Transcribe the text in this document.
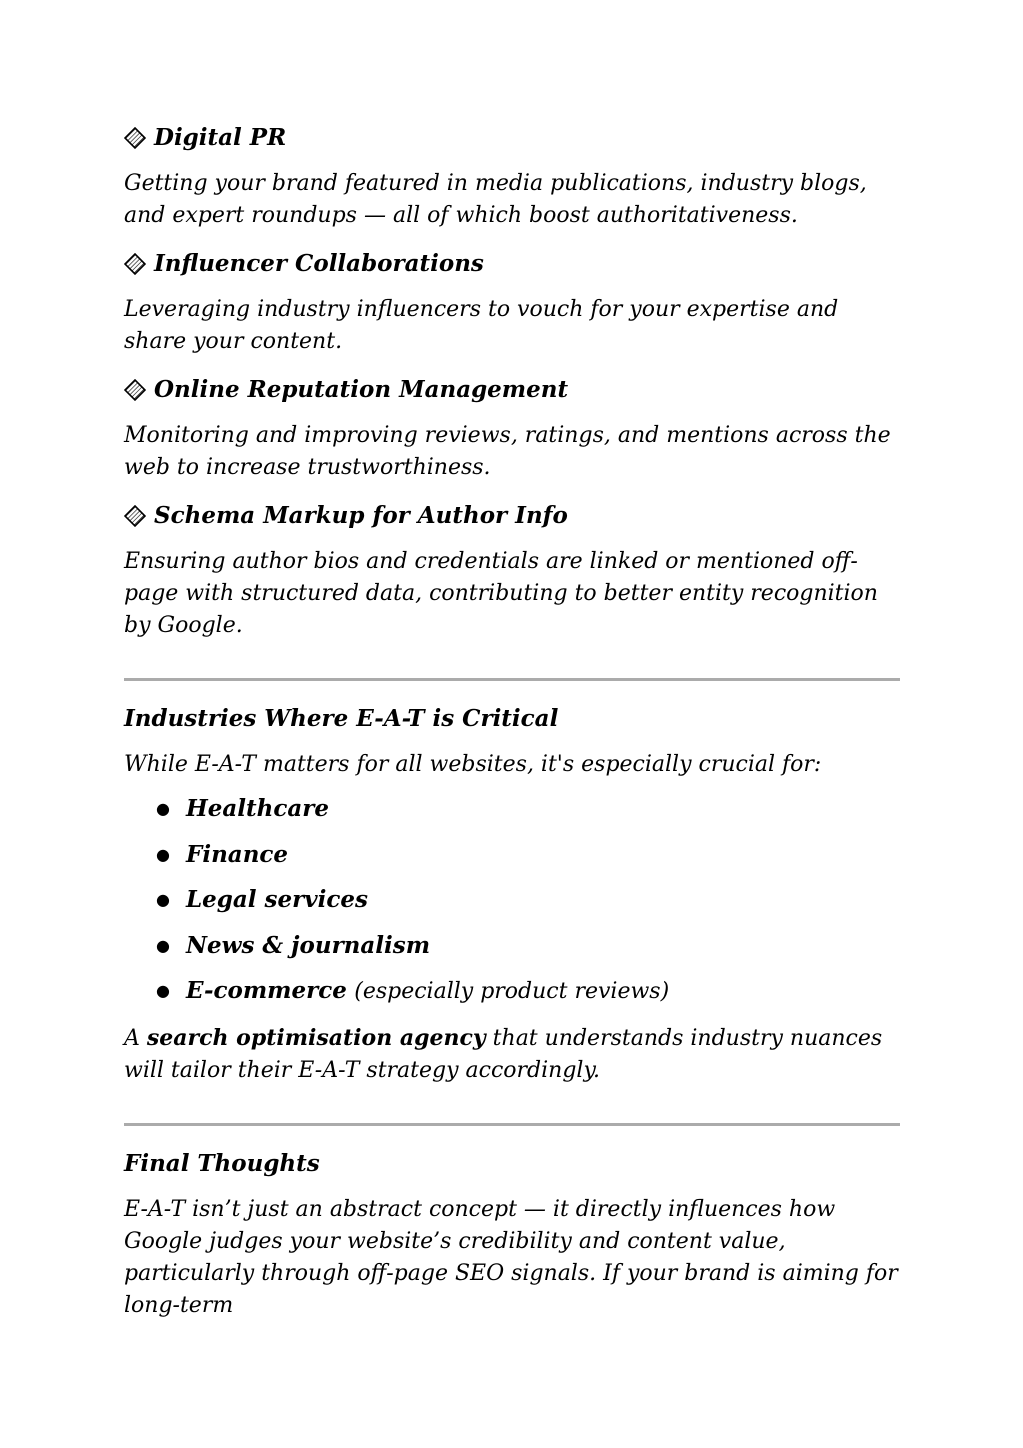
Digital PR

Getting your brand featured in media publications, industry blogs, and expert roundups — all of which boost authoritativeness.

Influencer Collaborations

Leveraging industry influencers to vouch for your expertise and share your content.

Online Reputation Management

Monitoring and improving reviews, ratings, and mentions across the web to increase trustworthiness.

Schema Markup for Author Info

Ensuring author bios and credentials are linked or mentioned off-page with structured data, contributing to better entity recognition by Google.

Industries Where E-A-T is Critical

While E-A-T matters for all websites, it's especially crucial for:

● Healthcare
● Finance
● Legal services
● News & journalism
● E-commerce (especially product reviews)

A search optimisation agency that understands industry nuances will tailor their E-A-T strategy accordingly.

Final Thoughts

E-A-T isn’t just an abstract concept — it directly influences how Google judges your website’s credibility and content value, particularly through off-page SEO signals. If your brand is aiming for long-term
